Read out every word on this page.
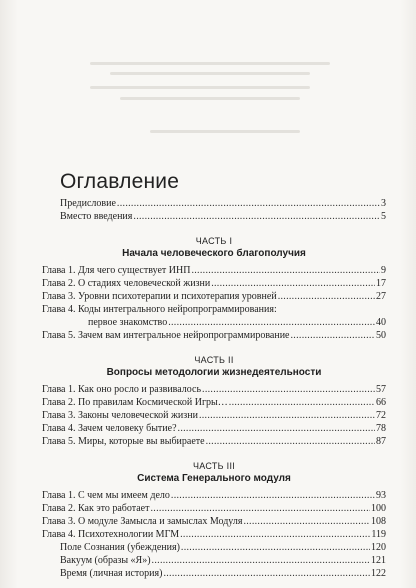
Оглавление
Предисловие .....	3
Вместо введения .....	5
ЧАСТЬ I
Начала человеческого благополучия
Глава 1. Для чего существует ИНП .....	9
Глава 2. О стадиях человеческой жизни .....	17
Глава 3. Уровни психотерапии и психотерапия уровней .....	27
Глава 4. Коды интегрального нейропрограммирования:
первое знакомство .....	40
Глава 5. Зачем вам интегральное нейропрограммирование .....	50
ЧАСТЬ II
Вопросы методологии жизнедеятельности
Глава 1. Как оно росло и развивалось .....	57
Глава 2. По правилам Космической Игры… .....	66
Глава 3. Законы человеческой жизни .....	72
Глава 4. Зачем человеку бытие? .....	78
Глава 5. Миры, которые вы выбираете .....	87
ЧАСТЬ III
Система Генерального модуля
Глава 1. С чем мы имеем дело .....	93
Глава 2. Как это работает .....	100
Глава 3. О модуле Замысла и замыслах Модуля .....	108
Глава 4. Психотехнологии МГМ .....	119
Поле Сознания (убеждения) .....	120
Вакуум (образы «Я») .....	121
Время (личная история) .....	122
